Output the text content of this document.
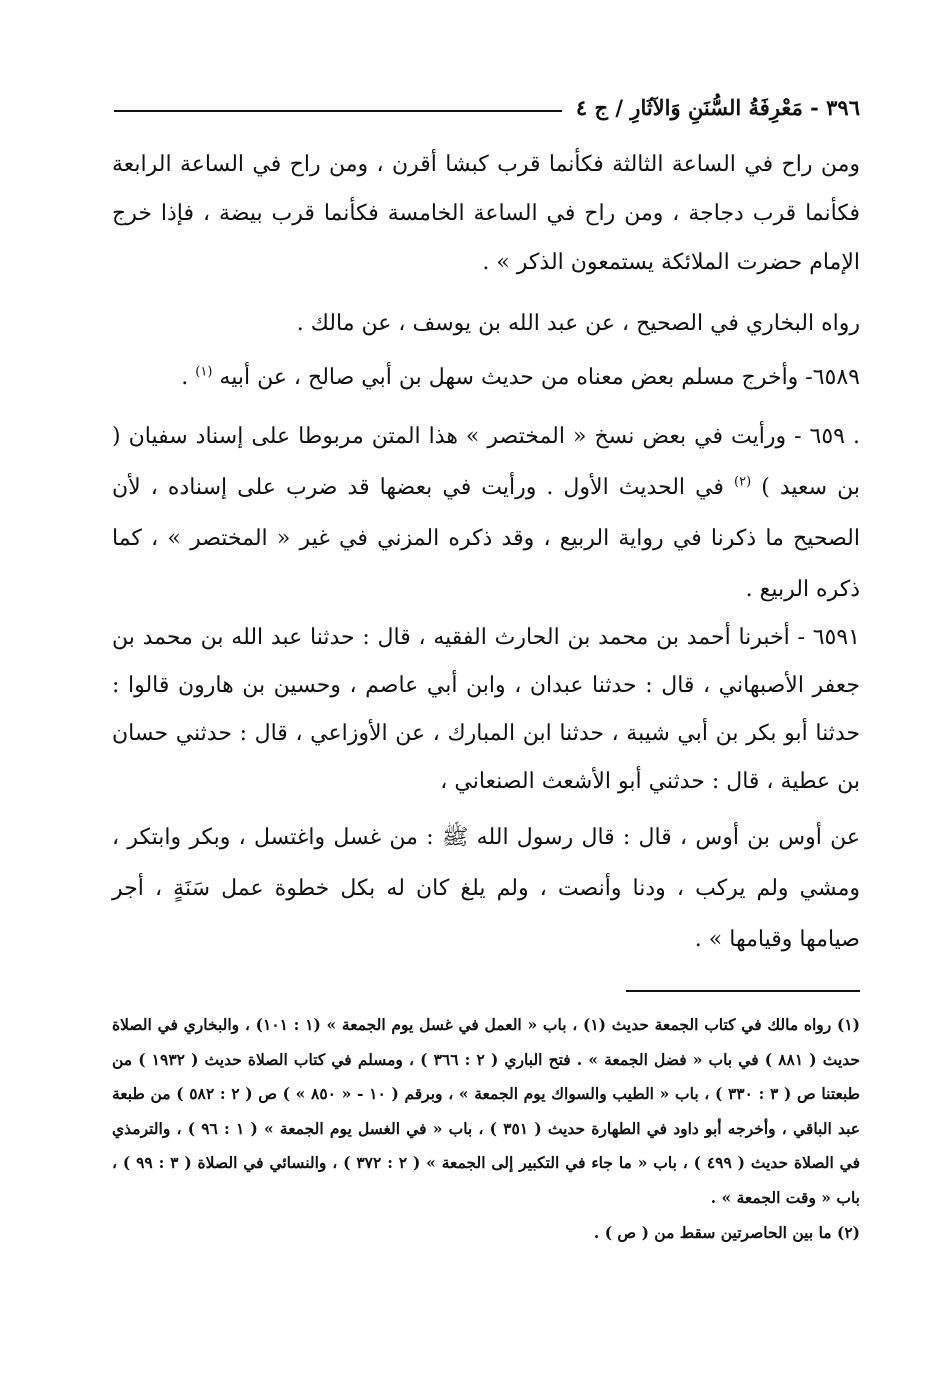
٣٩٦ - مَعْرِفَةُ السُّنَنِ وَالآثَارِ / ج ٤

ومن راح في الساعة الثالثة فكأنما قرب كبشا أقرن ، ومن راح في الساعة الرابعة فكأنما قرب دجاجة ، ومن راح في الساعة الخامسة فكأنما قرب بيضة ، فإذا خرج الإمام حضرت الملائكة يستمعون الذكر » .

رواه البخاري في الصحيح ، عن عبد الله بن يوسف ، عن مالك .

٦٥٨٩- وأخرج مسلم بعض معناه من حديث سهل بن أبي صالح ، عن أبيه $^{(١)}$ .

. ٦٥٩ - ورأيت في بعض نسخ « المختصر » هذا المتن مربوطا على إسناد سفيان ( بن سعيد ) $^{(٢)}$ في الحديث الأول . ورأيت في بعضها قد ضرب على إسناده ، لأن الصحيح ما ذكرنا في رواية الربيع ، وقد ذكره المزني في غير « المختصر » ، كما ذكره الربيع .

٦٥٩١ - أخبرنا أحمد بن محمد بن الحارث الفقيه ، قال : حدثنا عبد الله بن محمد بن جعفر الأصبهاني ، قال : حدثنا عبدان ، وابن أبي عاصم ، وحسين بن هارون قالوا : حدثنا أبو بكر بن أبي شيبة ، حدثنا ابن المبارك ، عن الأوزاعي ، قال : حدثني حسان بن عطية ، قال : حدثني أبو الأشعث الصنعاني ،

عن أوس بن أوس ، قال : قال رسول الله ﷺ : من غسل واغتسل ، وبكر وابتكر ، ومشي ولم يركب ، ودنا وأنصت ، ولم يلغ كان له بكل خطوة عمل سَنَةٍ ، أجر صيامها وقيامها » .

(١) رواه مالك في كتاب الجمعة حديث (١) ، باب « العمل في غسل يوم الجمعة » (١ : ١٠١) ، والبخاري في الصلاة حديث ( ٨٨١ ) في باب « فضل الجمعة » . فتح الباري ( ٢ : ٣٦٦ ) ، ومسلم في كتاب الصلاة حديث ( ١٩٣٢ ) من طبعتنا ص ( ٣ : ٣٣٠ ) ، باب « الطيب والسواك يوم الجمعة » ، وبرقم ( ١٠ - « ٨٥٠ » ) ص ( ٢ : ٥٨٢ ) من طبعة عبد الباقي ، وأخرجه أبو داود في الطهارة حديث ( ٣٥١ ) ، باب « في الغسل يوم الجمعة » ( ١ : ٩٦ ) ، والترمذي في الصلاة حديث ( ٤٩٩ ) ، باب « ما جاء في التكبير إلى الجمعة » ( ٢ : ٣٧٢ ) ، والنسائي في الصلاة ( ٣ : ٩٩ ) ، باب « وقت الجمعة » .

(٢) ما بين الحاصرتين سقط من ( ص ) .
